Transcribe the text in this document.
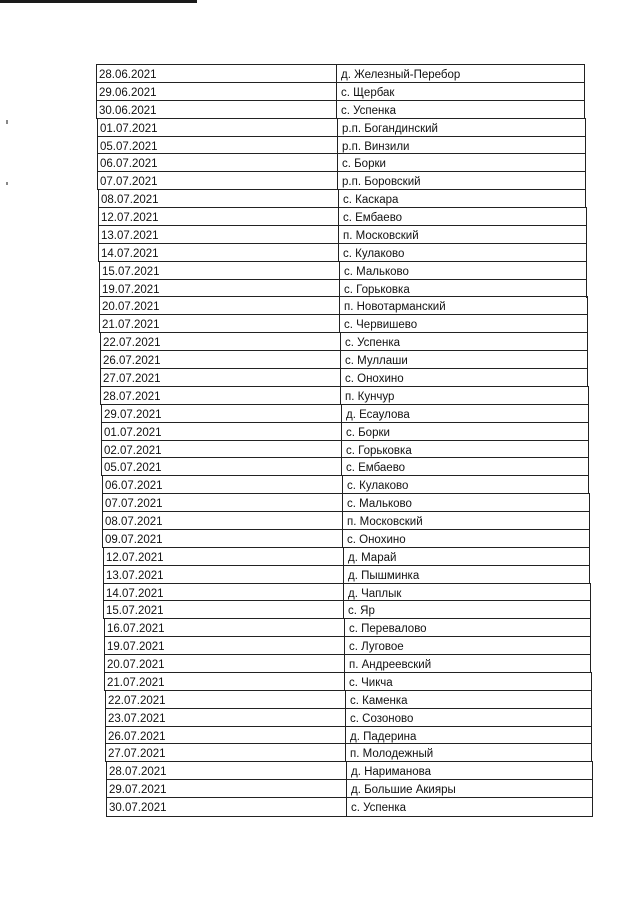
28.06.2021	д. Железный-Перебор
29.06.2021	с. Щербак
30.06.2021	с. Успенка
01.07.2021	р.п. Богандинский
05.07.2021	р.п. Винзили
06.07.2021	с. Борки
07.07.2021	р.п. Боровский
08.07.2021	с. Каскара
12.07.2021	с. Ембаево
13.07.2021	п. Московский
14.07.2021	с. Кулаково
15.07.2021	с. Мальково
19.07.2021	с. Горьковка
20.07.2021	п. Новотарманский
21.07.2021	с. Червишево
22.07.2021	с. Успенка
26.07.2021	с. Муллаши
27.07.2021	с. Онохино
28.07.2021	п. Кунчур
29.07.2021	д. Есаулова
01.07.2021	с. Борки
02.07.2021	с. Горьковка
05.07.2021	с. Ембаево
06.07.2021	с. Кулаково
07.07.2021	с. Мальково
08.07.2021	п. Московский
09.07.2021	с. Онохино
12.07.2021	д. Марай
13.07.2021	д. Пышминка
14.07.2021	д. Чаплык
15.07.2021	с. Яр
16.07.2021	с. Перевалово
19.07.2021	с. Луговое
20.07.2021	п. Андреевский
21.07.2021	с. Чикча
22.07.2021	с. Каменка
23.07.2021	с. Созоново
26.07.2021	д. Падерина
27.07.2021	п. Молодежный
28.07.2021	д. Нариманова
29.07.2021	д. Большие Акияры
30.07.2021	с. Успенка
